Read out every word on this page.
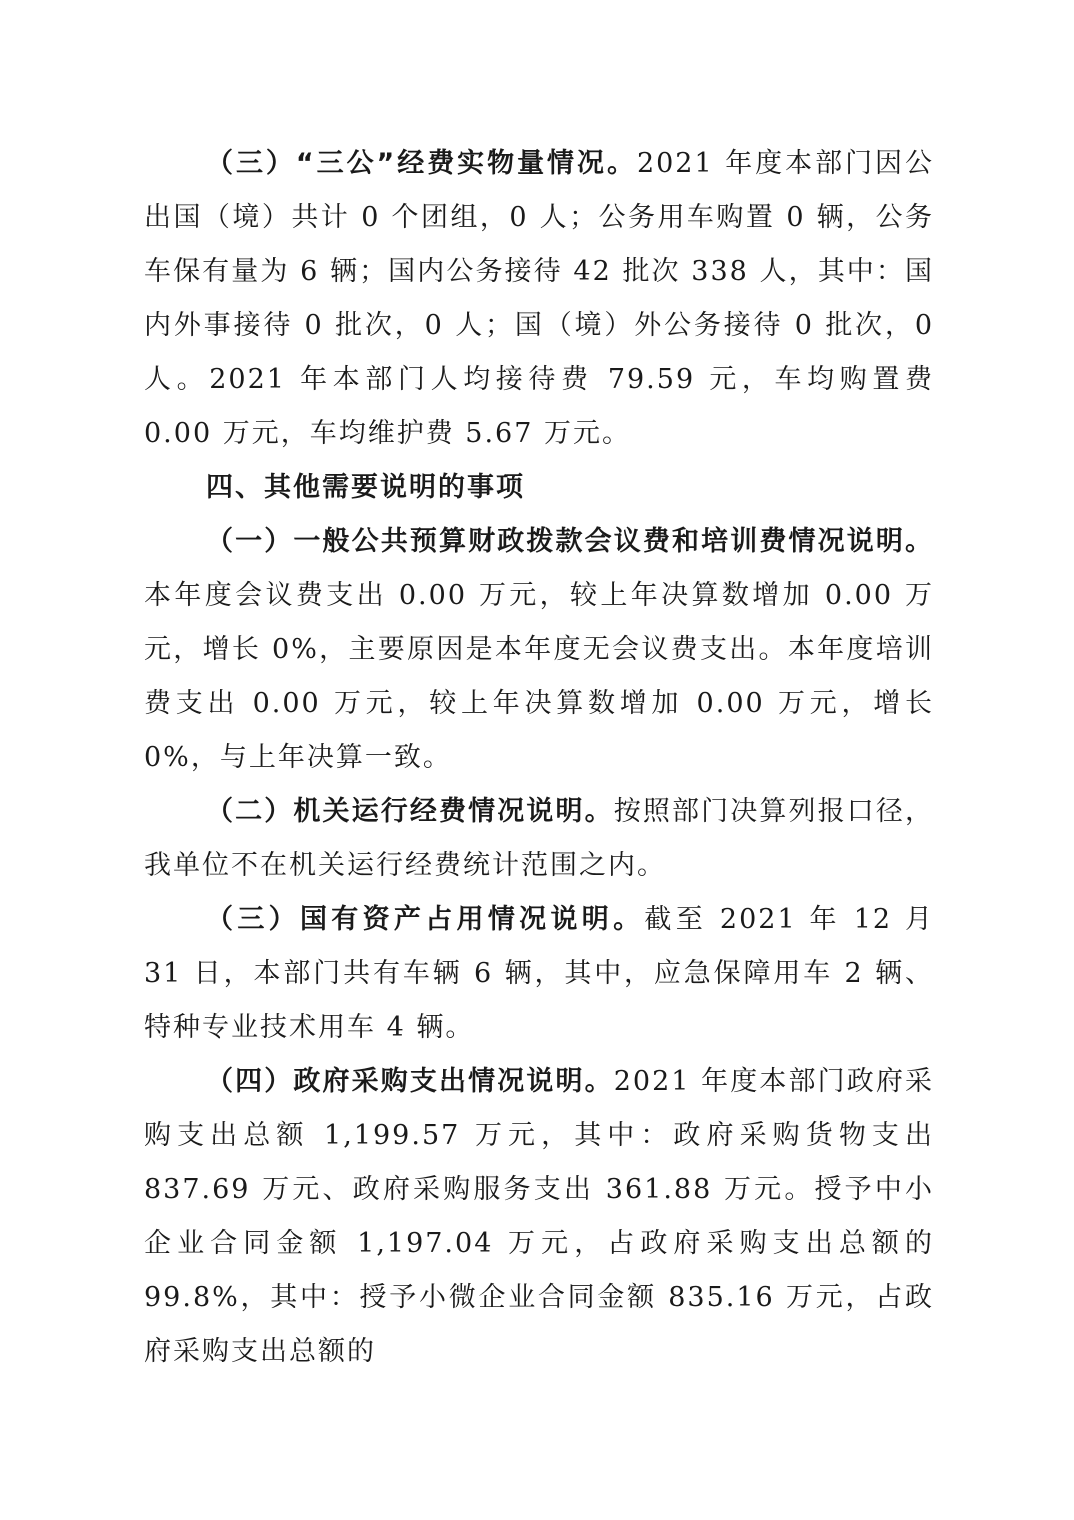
（三）“三公”经费实物量情况。2021 年度本部门因公出国（境）共计 0 个团组，0 人；公务用车购置 0 辆，公务车保有量为 6 辆；国内公务接待 42 批次 338 人，其中：国内外事接待 0 批次，0 人；国（境）外公务接待 0 批次，0 人。2021 年本部门人均接待费 79.59 元，车均购置费 0.00 万元，车均维护费 5.67 万元。

四、其他需要说明的事项

（一）一般公共预算财政拨款会议费和培训费情况说明。本年度会议费支出 0.00 万元，较上年决算数增加 0.00 万元，增长 0%，主要原因是本年度无会议费支出。本年度培训费支出 0.00 万元，较上年决算数增加 0.00 万元，增长 0%，与上年决算一致。

（二）机关运行经费情况说明。按照部门决算列报口径，我单位不在机关运行经费统计范围之内。

（三）国有资产占用情况说明。截至 2021 年 12 月 31 日，本部门共有车辆 6 辆，其中，应急保障用车 2 辆、特种专业技术用车 4 辆。

（四）政府采购支出情况说明。2021 年度本部门政府采购支出总额 1,199.57 万元，其中：政府采购货物支出 837.69 万元、政府采购服务支出 361.88 万元。授予中小企业合同金额 1,197.04 万元，占政府采购支出总额的 99.8%，其中：授予小微企业合同金额 835.16 万元，占政府采购支出总额的
